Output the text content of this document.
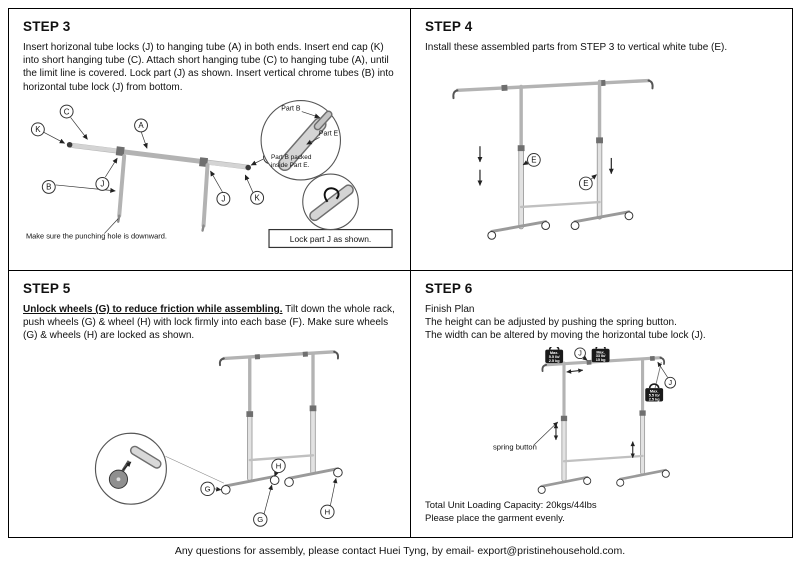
STEP 3

Insert horizonal tube locks (J) to hanging tube (A) in both ends. Insert end cap (K) into short hanging tube (C). Attach short hanging tube (C) to hanging tube (A), until the limit line is covered. Lock part (J) as shown. Insert vertical chrome tubes (B) into horizontal tube lock (J) from bottom.

K
C
A
J
B
J	K
Make sure the punching hole is downward.
Part B
Part E
Part B packed
inside Part E.
Lock part J as shown.
STEP 4

Install these assembled parts from STEP 3 to vertical white tube (E).

E
E
STEP 5

Unlock wheels (G) to reduce friction while assembling. Tilt down the whole rack, push wheels (G) & wheel (H) with lock firmly into each base (F). Make sure wheels (G) & wheels (H) are locked as shown.

H
G
H
G
STEP 6

Finish Plan

The height can be adjusted by pushing the spring button.

The width can be altered by moving the horizontal tube lock (J).

Max.
5.5 lb/
2.5 kg
Max.
33 lb/
15 kg
Max.
5.5 lb/
2.5 kg
J
J
spring button

Total Unit Loading Capacity: 20kgs/44lbs

Please place the garment evenly.

Any questions for assembly, please contact Huei Tyng, by email- export@pristinehousehold.com.
